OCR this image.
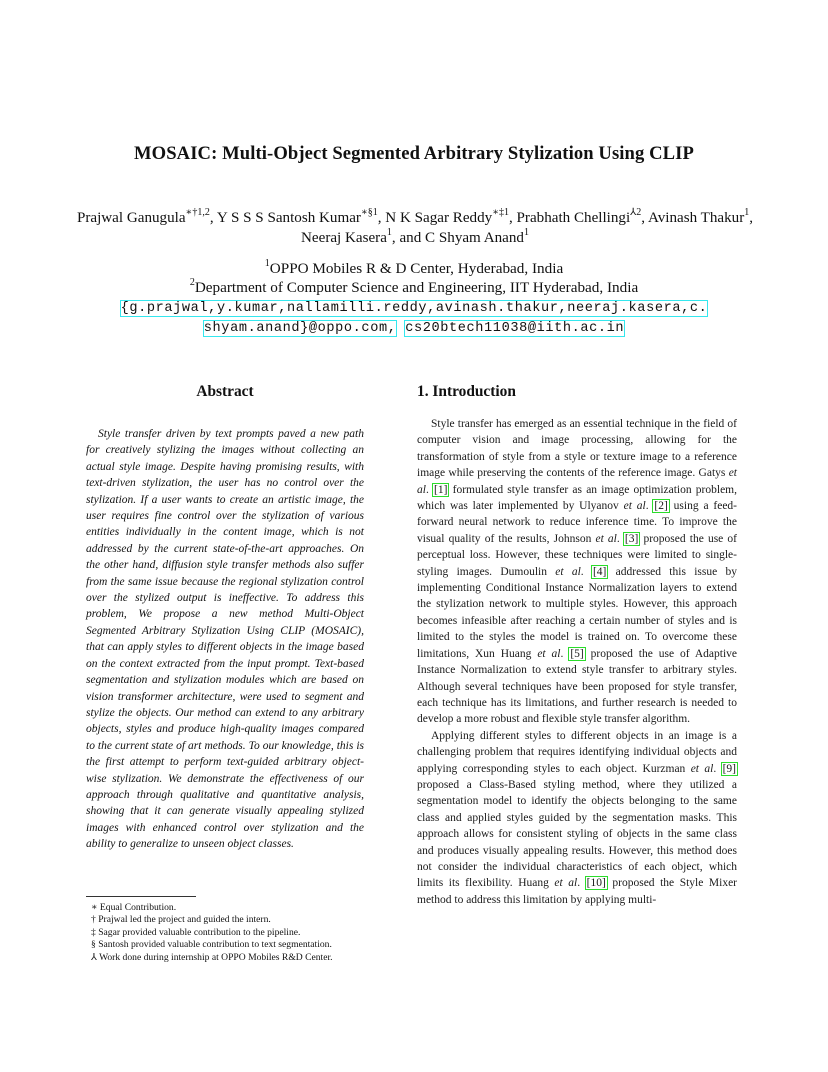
MOSAIC: Multi-Object Segmented Arbitrary Stylization Using CLIP
Prajwal Ganugula$^{∗\dagger 1,2}$, Y S S S Santosh Kumar$^{∗\S 1}$, N K Sagar Reddy$^{∗\ddagger 1}$, Prabhath Chellingi$^{⅄2}$, Avinash Thakur$^1$, Neeraj Kasera$^1$, and C Shyam Anand$^1$
$^1$OPPO Mobiles R & D Center, Hyderabad, India
$^2$Department of Computer Science and Engineering, IIT Hyderabad, India
{g.prajwal,y.kumar,nallamilli.reddy,avinash.thakur,neeraj.kasera,c.
shyam.anand}@oppo.com, cs20btech11038@iith.ac.in
Abstract

Style transfer driven by text prompts paved a new path for creatively stylizing the images without collecting an actual style image. Despite having promising results, with text-driven stylization, the user has no control over the stylization. If a user wants to create an artistic image, the user requires fine control over the stylization of various entities individually in the content image, which is not addressed by the current state-of-the-art approaches. On the other hand, diffusion style transfer methods also suffer from the same issue because the regional stylization control over the stylized output is ineffective. To address this problem, We propose a new method Multi-Object Segmented Arbitrary Stylization Using CLIP (MOSAIC), that can apply styles to different objects in the image based on the context extracted from the input prompt. Text-based segmentation and stylization modules which are based on vision transformer architecture, were used to segment and stylize the objects. Our method can extend to any arbitrary objects, styles and produce high-quality images compared to the current state of art methods. To our knowledge, this is the first attempt to perform text-guided arbitrary object-wise stylization. We demonstrate the effectiveness of our approach through qualitative and quantitative analysis, showing that it can generate visually appealing stylized images with enhanced control over stylization and the ability to generalize to unseen object classes.

1. Introduction

Style transfer has emerged as an essential technique in the field of computer vision and image processing, allowing for the transformation of style from a style or texture image to a reference image while preserving the contents of the reference image. Gatys et al. [1] formulated style transfer as an image optimization problem, which was later implemented by Ulyanov et al. [2] using a feed-forward neural network to reduce inference time. To improve the visual quality of the results, Johnson et al. [3] proposed the use of perceptual loss. However, these techniques were limited to single-styling images. Dumoulin et al. [4] addressed this issue by implementing Conditional Instance Normalization layers to extend the stylization network to multiple styles. However, this approach becomes infeasible after reaching a certain number of styles and is limited to the styles the model is trained on. To overcome these limitations, Xun Huang et al. [5] proposed the use of Adaptive Instance Normalization to extend style transfer to arbitrary styles. Although several techniques have been proposed for style transfer, each technique has its limitations, and further research is needed to develop a more robust and flexible style transfer algorithm.

Applying different styles to different objects in an image is a challenging problem that requires identifying individual objects and applying corresponding styles to each object. Kurzman et al. [9] proposed a Class-Based styling method, where they utilized a segmentation model to identify the objects belonging to the same class and applied styles guided by the segmentation masks. This approach allows for consistent styling of objects in the same class and produces visually appealing results. However, this method does not consider the individual characteristics of each object, which limits its flexibility. Huang et al. [10] proposed the Style Mixer method to address this limitation by applying multi-

∗ Equal Contribution.
† Prajwal led the project and guided the intern.
‡ Sagar provided valuable contribution to the pipeline.
§ Santosh provided valuable contribution to text segmentation.
⅄ Work done during internship at OPPO Mobiles R&D Center.
